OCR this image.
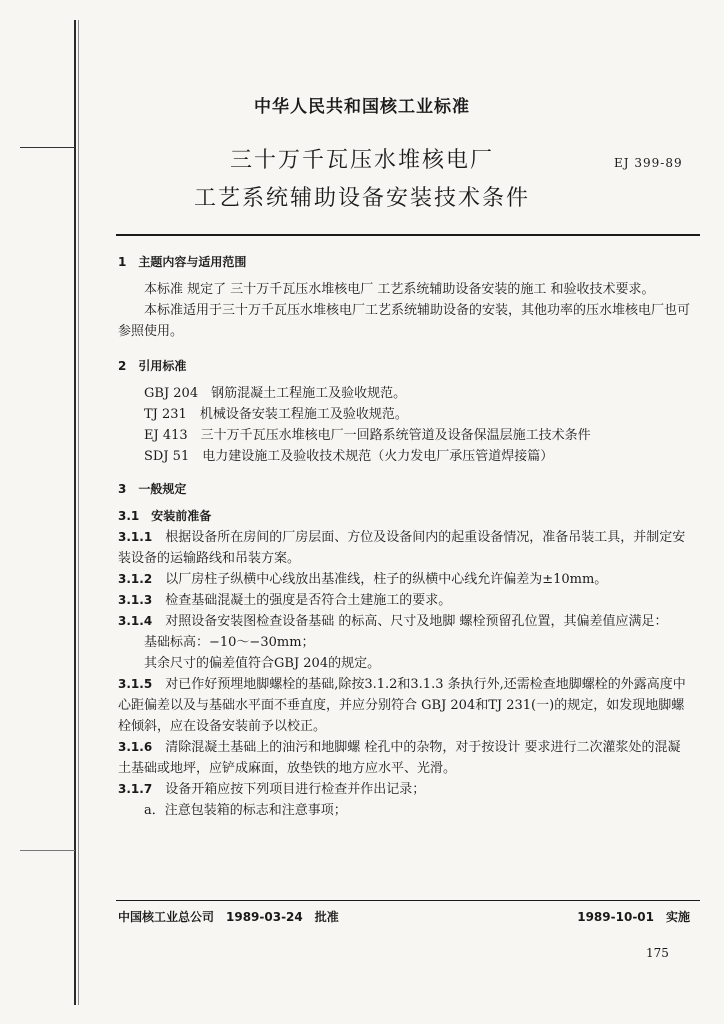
中华人民共和国核工业标准
三十万千瓦压水堆核电厂
工艺系统辅助设备安装技术条件
EJ 399-89
1　主题内容与适用范围

本标准 规定了 三十万千瓦压水堆核电厂 工艺系统辅助设备安装的施工 和验收技术要求。

本标准适用于三十万千瓦压水堆核电厂工艺系统辅助设备的安装，其他功率的压水堆核电厂也可参照使用。

2　引用标准

GBJ 204　钢筋混凝土工程施工及验收规范。

TJ 231　机械设备安装工程施工及验收规范。

EJ 413　三十万千瓦压水堆核电厂一回路系统管道及设备保温层施工技术条件

SDJ 51　电力建设施工及验收技术规范（火力发电厂承压管道焊接篇）

3　一般规定
3.1　安装前准备

3.1.1　 根据设备所在房间的厂房层面、方位及设备间内的起重设备情况，准备吊装工具，并制定安装设备的运输路线和吊装方案。

3.1.2　 以厂房柱子纵横中心线放出基准线，柱子的纵横中心线允许偏差为±10mm。

3.1.3　 检查基础混凝土的强度是否符合土建施工的要求。

3.1.4　 对照设备安装图检查设备基础 的标高、尺寸及地脚 螺栓预留孔位置，其偏差值应满足：

基础标高：−10～−30mm；

其余尺寸的偏差值符合GBJ 204的规定。

3.1.5　 对已作好预埋地脚螺栓的基础,除按3.1.2和3.1.3 条执行外,还需检查地脚螺栓的外露高度中心距偏差以及与基础水平面不垂直度，并应分别符合 GBJ 204和TJ 231(一)的规定，如发现地脚螺栓倾斜，应在设备安装前予以校正。

3.1.6　 清除混凝土基础上的油污和地脚螺 栓孔中的杂物，对于按设计 要求进行二次灌浆处的混凝土基础或地坪，应铲成麻面，放垫铁的地方应水平、光滑。

3.1.7　 设备开箱应按下列项目进行检查并作出记录；

a．注意包装箱的标志和注意事项；

中国核工业总公司　1989-03-24　批准	1989-10-01　实施
175
